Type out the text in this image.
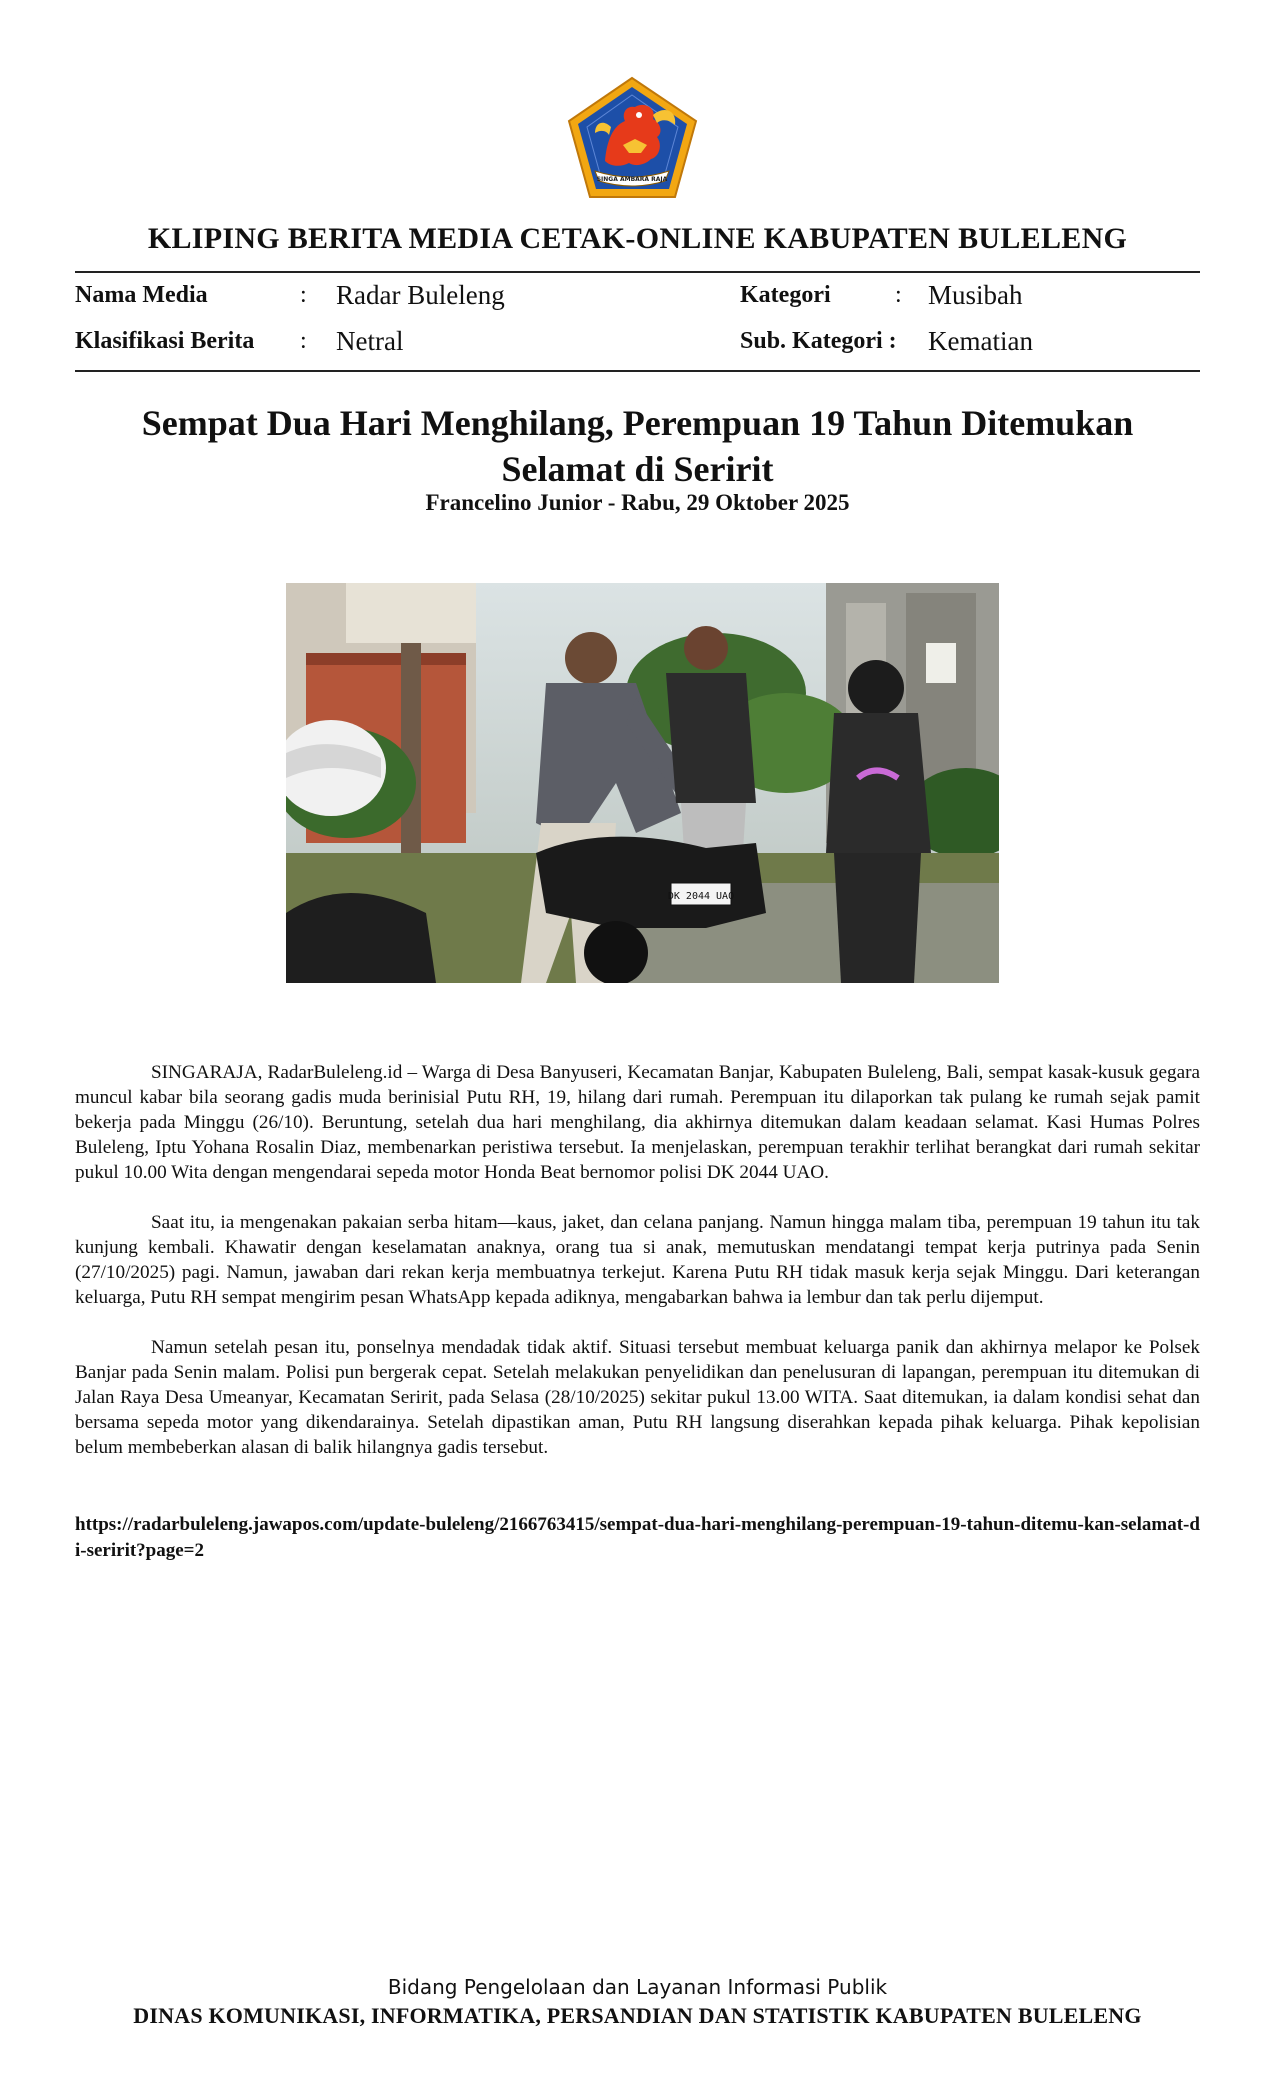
SINGA AMBARA RAJA
KLIPING BERITA MEDIA CETAK-ONLINE KABUPATEN BULELENG
Nama Media	: Radar Buleleng	Kategori	: Musibah
Klasifikasi Berita : Netral	Sub. Kategori : Kematian
Sempat Dua Hari Menghilang, Perempuan 19 Tahun Ditemukan Selamat di Seririt
Francelino Junior - Rabu, 29 Oktober 2025
DK 2044 UAO

SINGARAJA, RadarBuleleng.id – Warga di Desa Banyuseri, Kecamatan Banjar, Kabupaten Buleleng, Bali, sempat kasak-kusuk gegara muncul kabar bila seorang gadis muda berinisial Putu RH, 19, hilang dari rumah. Perempuan itu dilaporkan tak pulang ke rumah sejak pamit bekerja pada Minggu (26/10). Beruntung, setelah dua hari menghilang, dia akhirnya ditemukan dalam keadaan selamat. Kasi Humas Polres Buleleng, Iptu Yohana Rosalin Diaz, membenarkan peristiwa tersebut. Ia menjelaskan, perempuan terakhir terlihat berangkat dari rumah sekitar pukul 10.00 Wita dengan mengendarai sepeda motor Honda Beat bernomor polisi DK 2044 UAO.

Saat itu, ia mengenakan pakaian serba hitam—kaus, jaket, dan celana panjang. Namun hingga malam tiba, perempuan 19 tahun itu tak kunjung kembali. Khawatir dengan keselamatan anaknya, orang tua si anak, memutuskan mendatangi tempat kerja putrinya pada Senin (27/10/2025) pagi. Namun, jawaban dari rekan kerja membuatnya terkejut. Karena Putu RH tidak masuk kerja sejak Minggu. Dari keterangan keluarga, Putu RH sempat mengirim pesan WhatsApp kepada adiknya, mengabarkan bahwa ia lembur dan tak perlu dijemput.

Namun setelah pesan itu, ponselnya mendadak tidak aktif. Situasi tersebut membuat keluarga panik dan akhirnya melapor ke Polsek Banjar pada Senin malam. Polisi pun bergerak cepat. Setelah melakukan penyelidikan dan penelusuran di lapangan, perempuan itu ditemukan di Jalan Raya Desa Umeanyar, Kecamatan Seririt, pada Selasa (28/10/2025) sekitar pukul 13.00 WITA. Saat ditemukan, ia dalam kondisi sehat dan bersama sepeda motor yang dikendarainya. Setelah dipastikan aman, Putu RH langsung diserahkan kepada pihak keluarga. Pihak kepolisian belum membeberkan alasan di balik hilangnya gadis tersebut.

https://radarbuleleng.jawapos.com/update-buleleng/2166763415/sempat-dua-hari-menghilang-perempuan-19-tahun-ditemu-kan-selamat-di-seririt?page=2
Bidang Pengelolaan dan Layanan Informasi Publik
DINAS KOMUNIKASI, INFORMATIKA, PERSANDIAN DAN STATISTIK KABUPATEN BULELENG
